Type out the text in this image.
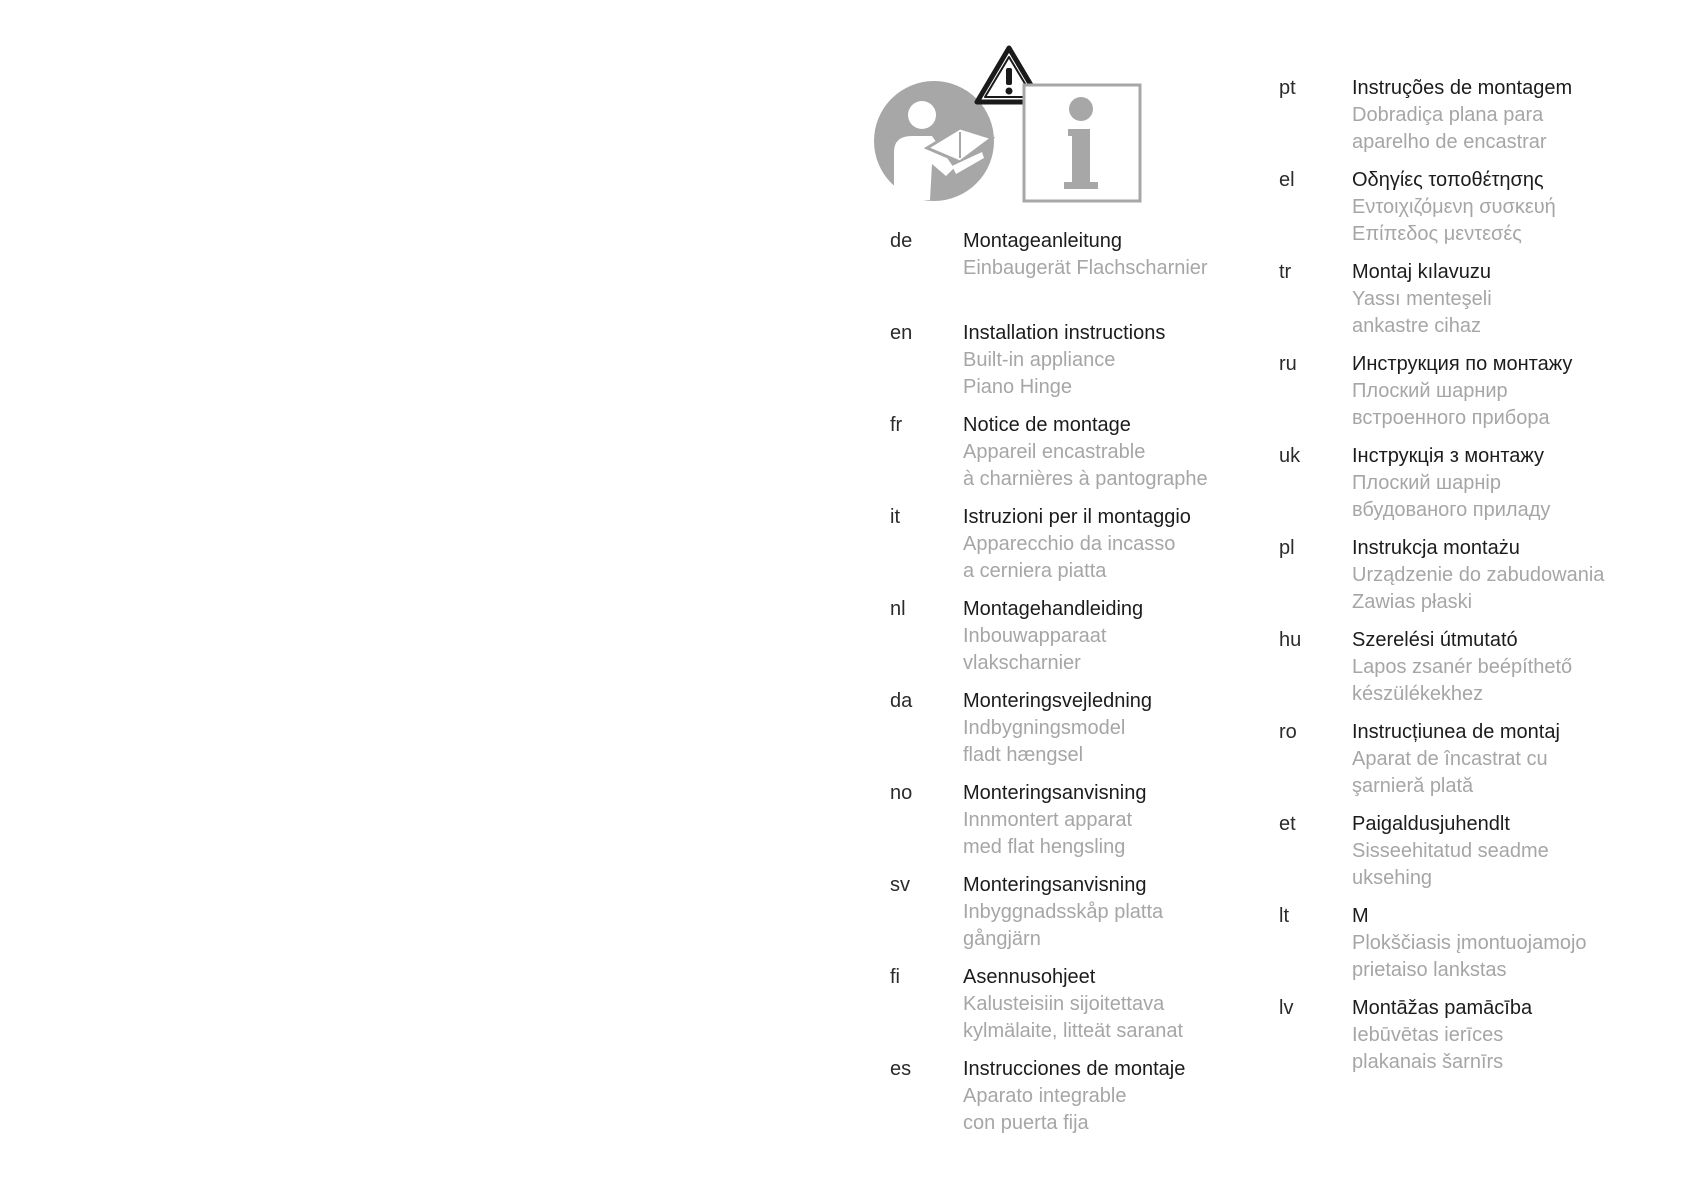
de	Montageanleitung
Einbaugerät Flachscharnier
en	Installation instructions
Built-in appliance
Piano Hinge
fr	Notice de montage
Appareil encastrable
à charnières à pantographe
it	Istruzioni per il montaggio
Apparecchio da incasso
a cerniera piatta
nl	Montagehandleiding
Inbouwapparaat
vlakscharnier
da	Monteringsvejledning
Indbygningsmodel
fladt hængsel
no	Monteringsanvisning
Innmontert apparat
med flat hengsling
sv	Monteringsanvisning
Inbyggnadsskåp platta
gångjärn
fi	Asennusohjeet
Kalusteisiin sijoitettava
kylmälaite, litteät saranat
es	Instrucciones de montaje
Aparato integrable
con puerta fija
pt	Instruções de montagem
Dobradiça plana para
aparelho de encastrar
el	Οδηγίες τοποθέτησης
Εντοιχιζόμενη συσκευή
Επίπεδος μεντεσές
tr	Montaj kılavuzu
Yassı menteşeli
ankastre cihaz
ru	Инструкция по монтажу
Плоский шарнир
встроенного прибора
uk	Інструкція з монтажу
Плоский шарнір
вбудованого приладу
pl	Instrukcja montażu
Urządzenie do zabudowania
Zawias płaski
hu	Szerelési útmutató
Lapos zsanér beépíthető
készülékekhez
ro	Instrucțiunea de montaj
Aparat de încastrat cu
şarnieră plată
et	Paigaldusjuhendlt
Sisseehitatud seadme
uksehing
lt	M
Plokščiasis įmontuojamojo
prietaiso lankstas
lv	Montāžas pamācība
Iebūvētas ierīces
plakanais šarnīrs
